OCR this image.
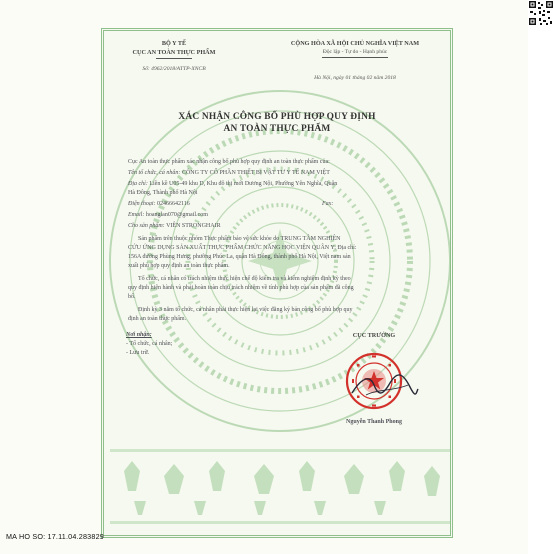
BỘ Y TẾ
CỤC AN TOÀN THỰC PHẨM
Số: 4962/2018/ATTP-XNCB
CỘNG HÒA XÃ HỘI CHỦ NGHĨA VIỆT NAM
Độc lập - Tự do - Hạnh phúc
Hà Nội, ngày 01 tháng 02 năm 2018
XÁC NHẬN CÔNG BỐ PHÙ HỢP QUY ĐỊNH
AN TOÀN THỰC PHẨM
Cục An toàn thực phẩm xác nhận công bố phù hợp quy định an toàn thực phẩm của:
Tên tổ chức, cá nhân: CÔNG TY CỔ PHẦN THIẾT BỊ VẬT TƯ Y TẾ NAM VIỆT
Địa chỉ: Liền kề U05-49 khu D, Khu đô thị mới Dương Nội, Phường Yên Nghĩa, Quận
Hà Đông, Thành phố Hà Nội
Điện thoại: 02466642116	Fax:
Email: hoanglan070@gmail.com
Cho sản phẩm: VIÊN STRONGHAIR
Sản phẩm trên thuộc nhóm Thực phẩm bảo vệ sức khỏe do TRUNG TÂM NGHIÊN
CỨU ỨNG DỤNG SẢN XUẤT THỰC PHẨM CHỨC NĂNG HỌC VIỆN QUÂN Y; Địa chỉ:
156A đường Phùng Hưng, phường Phúc La, quận Hà Đông, thành phố Hà Nội, Việt nam sản
xuất phù hợp quy định an toàn thực phẩm.
Tổ chức, cá nhân có trách nhiệm thực hiện chế độ kiểm tra và kiểm nghiệm định kỳ theo
quy định hiện hành và phải hoàn toàn chịu trách nhiệm về tính phù hợp của sản phẩm đã công
bố.
Định kỳ 3 năm tổ chức, cá nhân phải thực hiện lại việc đăng ký bản công bố phù hợp quy
định an toàn thực phẩm.
Nơi nhận:
- Tổ chức, cá nhân;
- Lưu trữ.
CỤC TRƯỞNG
Nguyễn Thanh Phong
MA HO SO: 17.11.04.283829
